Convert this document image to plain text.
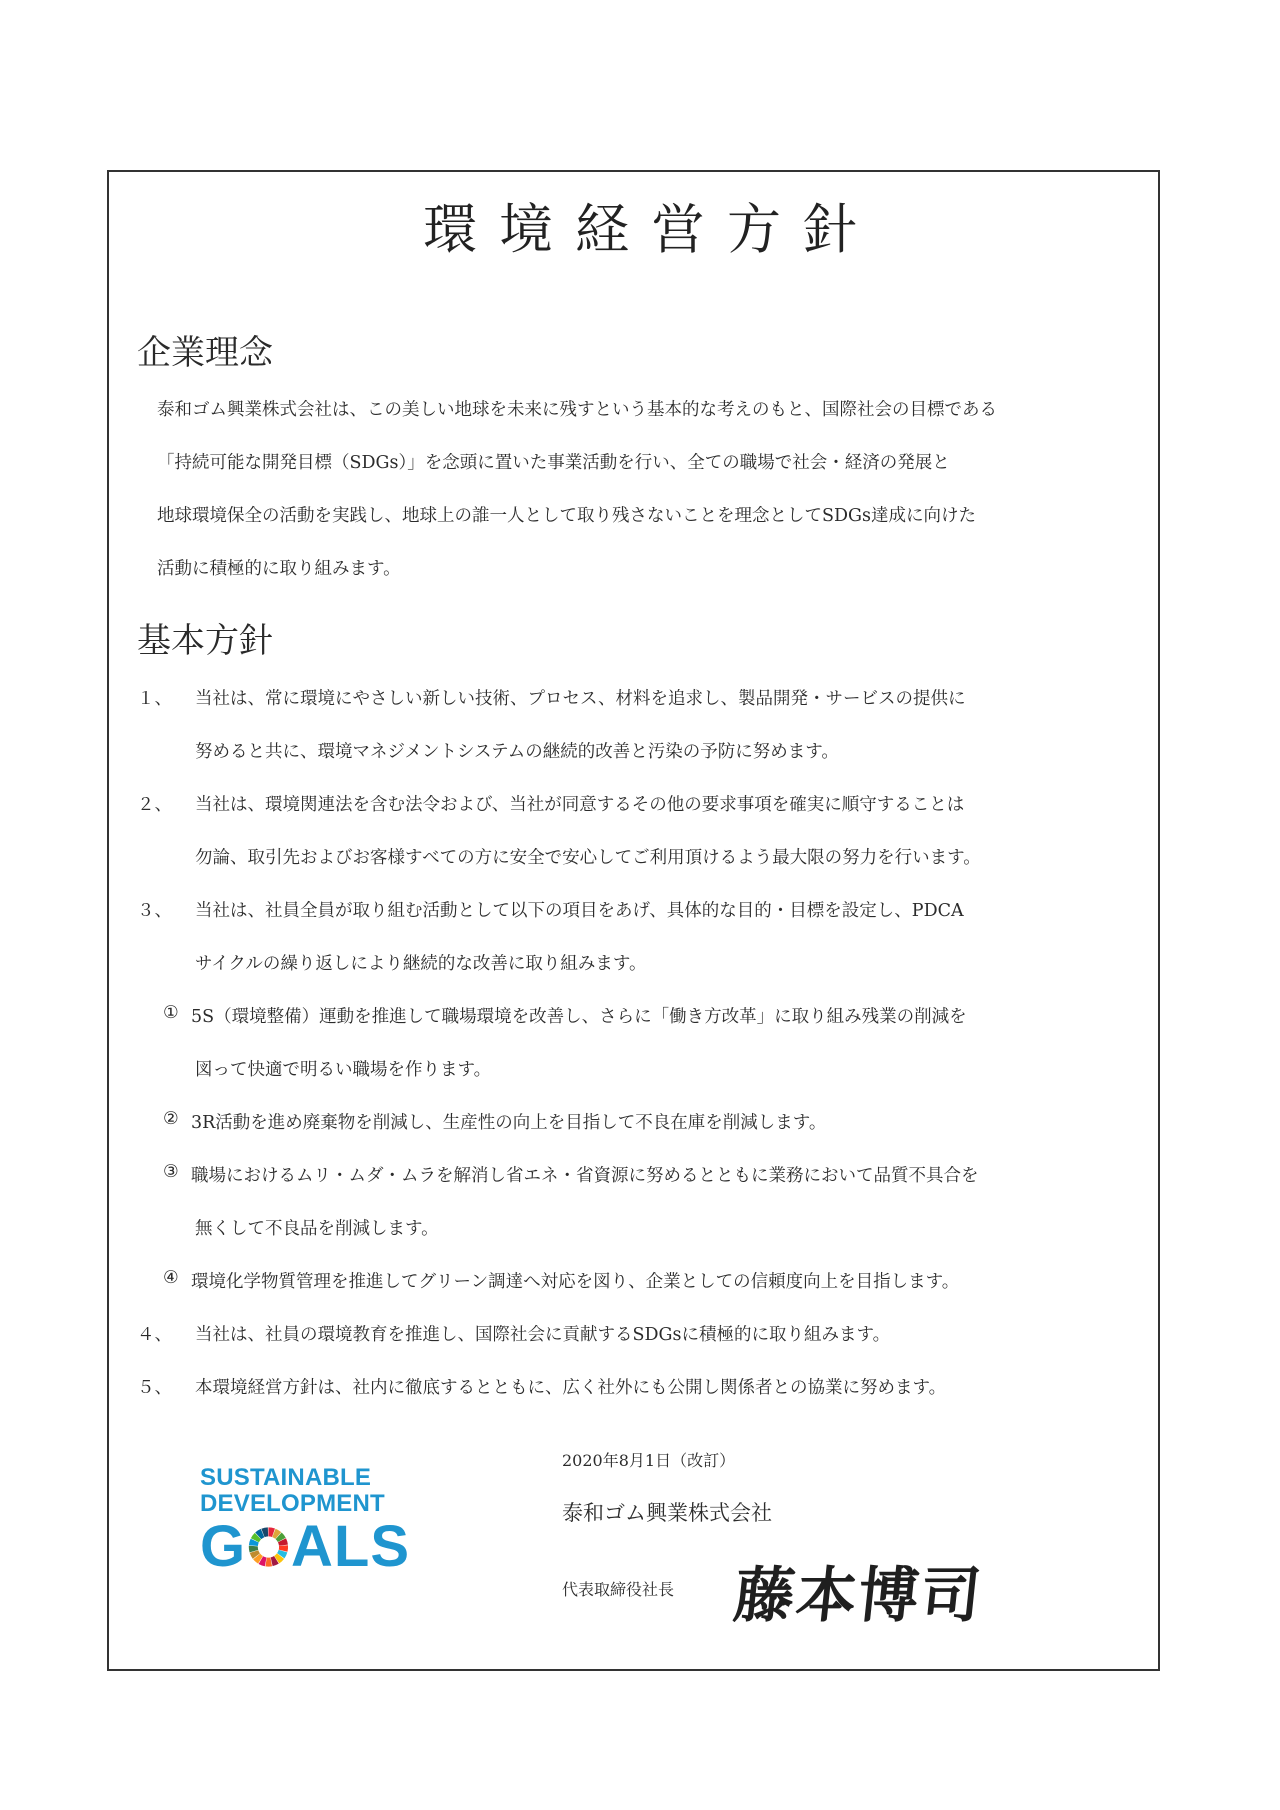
環境経営方針
企業理念
泰和ゴム興業株式会社は、この美しい地球を未来に残すという基本的な考えのもと、国際社会の目標である
「持続可能な開発目標（SDGs）」を念頭に置いた事業活動を行い、全ての職場で社会・経済の発展と
地球環境保全の活動を実践し、地球上の誰一人として取り残さないことを理念としてSDGs達成に向けた
活動に積極的に取り組みます。
基本方針
１、 当社は、常に環境にやさしい新しい技術、プロセス、材料を追求し、製品開発・サービスの提供に
努めると共に、環境マネジメントシステムの継続的改善と汚染の予防に努めます。
２、 当社は、環境関連法を含む法令および、当社が同意するその他の要求事項を確実に順守することは
勿論、取引先およびお客様すべての方に安全で安心してご利用頂けるよう最大限の努力を行います。
３、 当社は、社員全員が取り組む活動として以下の項目をあげ、具体的な目的・目標を設定し、PDCA
サイクルの繰り返しにより継続的な改善に取り組みます。
① 5S（環境整備）運動を推進して職場環境を改善し、さらに「働き方改革」に取り組み残業の削減を
図って快適で明るい職場を作ります。
② 3R活動を進め廃棄物を削減し、生産性の向上を目指して不良在庫を削減します。
③ 職場におけるムリ・ムダ・ムラを解消し省エネ・省資源に努めるとともに業務において品質不具合を
無くして不良品を削減します。
④ 環境化学物質管理を推進してグリーン調達へ対応を図り、企業としての信頼度向上を目指します。
４、 当社は、社員の環境教育を推進し、国際社会に貢献するSDGsに積極的に取り組みます。
５、 本環境経営方針は、社内に徹底するとともに、広く社外にも公開し関係者との協業に努めます。
SUSTAINABLE
DEVELOPMENT
G ALS
2020年8月1日（改訂）
泰和ゴム興業株式会社
代表取締役社長 藤本博司
